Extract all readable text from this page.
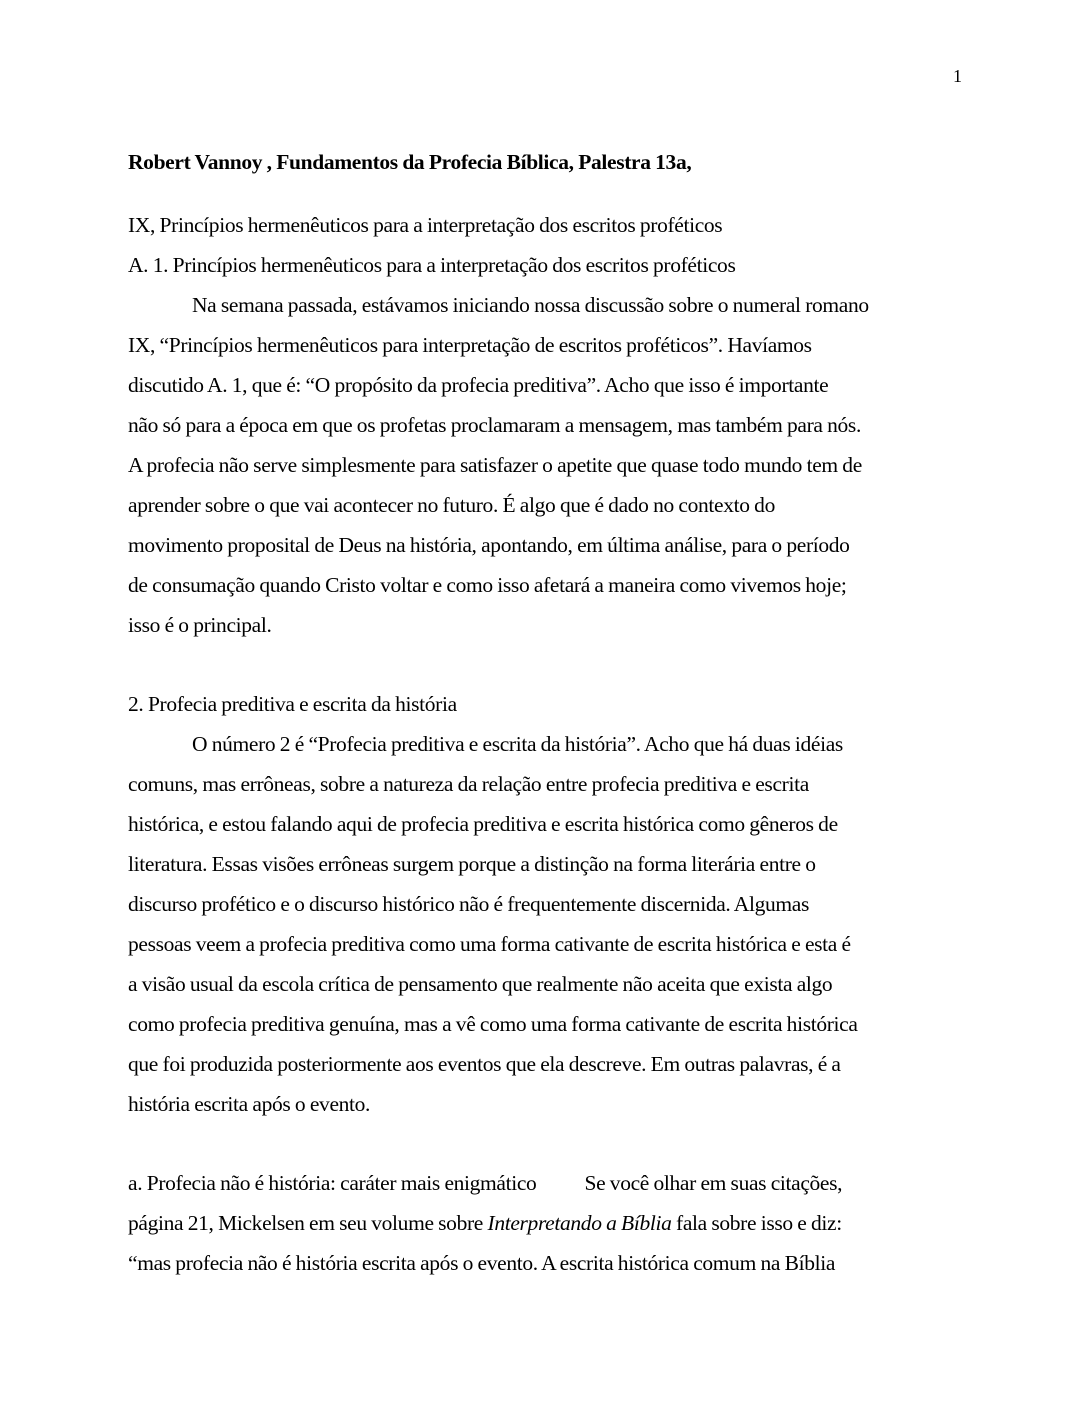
1
Robert Vannoy , Fundamentos da Profecia Bíblica, Palestra 13a,
IX, Princípios hermenêuticos para a interpretação dos escritos proféticos
A. 1. Princípios hermenêuticos para a interpretação dos escritos proféticos
Na semana passada, estávamos iniciando nossa discussão sobre o numeral romano
IX, “Princípios hermenêuticos para interpretação de escritos proféticos”. Havíamos
discutido A. 1, que é: “O propósito da profecia preditiva”. Acho que isso é importante
não só para a época em que os profetas proclamaram a mensagem, mas também para nós.
A profecia não serve simplesmente para satisfazer o apetite que quase todo mundo tem de
aprender sobre o que vai acontecer no futuro. É algo que é dado no contexto do
movimento proposital de Deus na história, apontando, em última análise, para o período
de consumação quando Cristo voltar e como isso afetará a maneira como vivemos hoje;
isso é o principal.
2. Profecia preditiva e escrita da história
O número 2 é “Profecia preditiva e escrita da história”. Acho que há duas idéias
comuns, mas errôneas, sobre a natureza da relação entre profecia preditiva e escrita
histórica, e estou falando aqui de profecia preditiva e escrita histórica como gêneros de
literatura. Essas visões errôneas surgem porque a distinção na forma literária entre o
discurso profético e o discurso histórico não é frequentemente discernida. Algumas
pessoas veem a profecia preditiva como uma forma cativante de escrita histórica e esta é
a visão usual da escola crítica de pensamento que realmente não aceita que exista algo
como profecia preditiva genuína, mas a vê como uma forma cativante de escrita histórica
que foi produzida posteriormente aos eventos que ela descreve. Em outras palavras, é a
história escrita após o evento.
a. Profecia não é história: caráter mais enigmático Se você olhar em suas citações,
página 21, Mickelsen em seu volume sobre Interpretando a Bíblia fala sobre isso e diz:
“mas profecia não é história escrita após o evento. A escrita histórica comum na Bíblia
